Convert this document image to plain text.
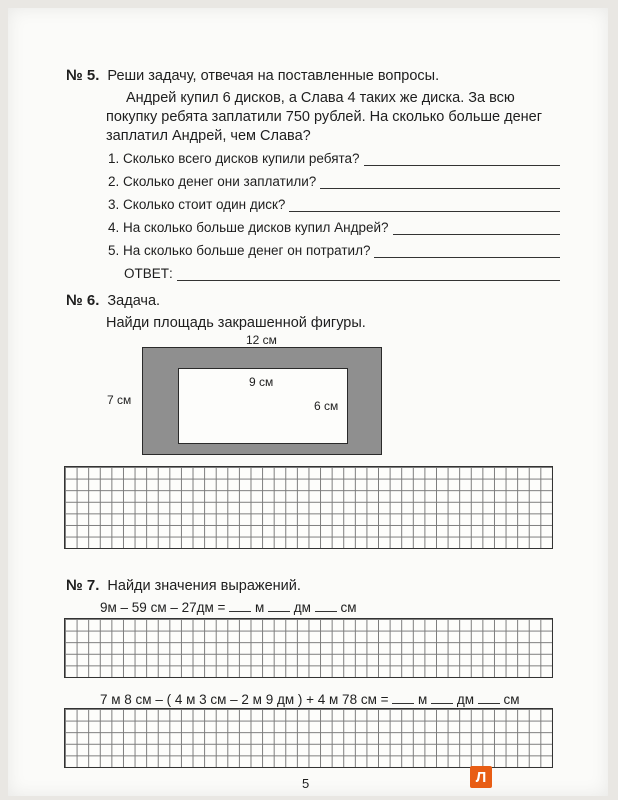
№ 5. Реши задачу, отвечая на поставленные вопросы.
Андрей купил 6 дисков, а Слава 4 таких же диска. За всю
покупку ребята заплатили 750 рублей. На сколько больше денег
заплатил Андрей, чем Слава?
1. Сколько всего дисков купили ребята?
2. Сколько денег они заплатили?
3. Сколько стоит один диск?
4. На сколько больше дисков купил Андрей?
5. На сколько больше денег он потратил?
ОТВЕТ:
№ 6. Задача.
Найди площадь закрашенной фигуры.
12 см
7 см
9 см
6 см
№ 7. Найди значения выражений.
9м – 59 см – 27дм = м дм см
7 м 8 см – ( 4 м 3 см – 2 м 9 дм ) + 4 м 78 см = м дм см
5	Л
